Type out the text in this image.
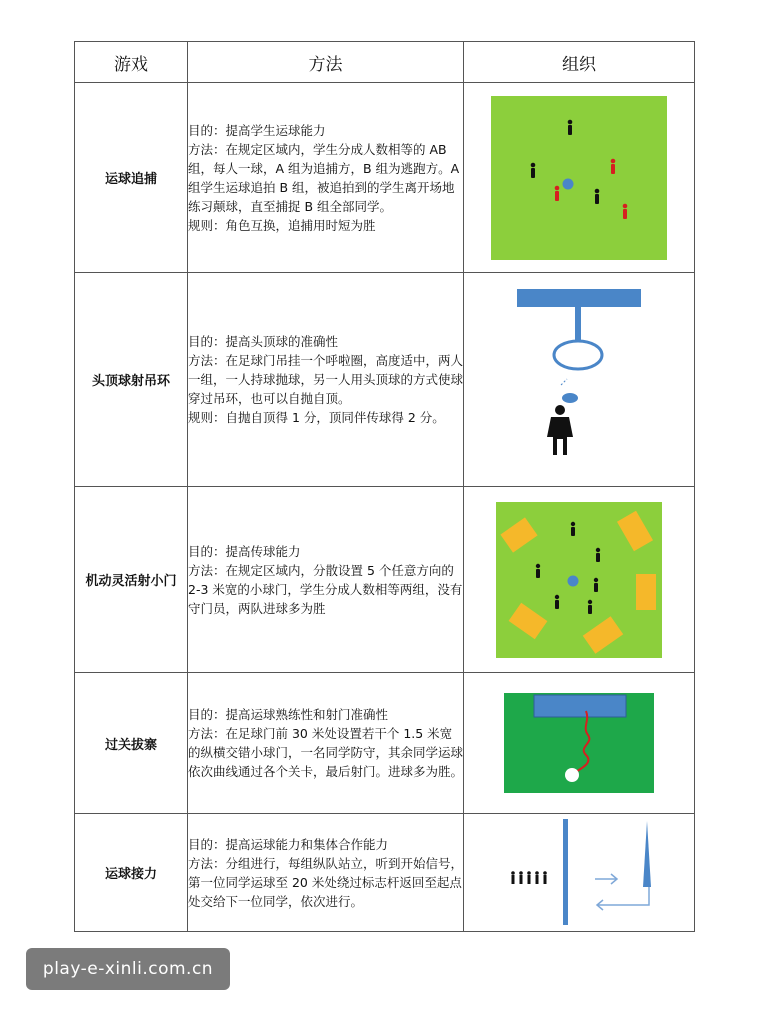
游戏	方法	组织
运球追捕	目的：提高学生运球能力
方法：在规定区域内，学生分成人数相等的 AB 组，每人一球，A 组为追捕方，B 组为逃跑方。A 组学生运球追拍 B 组，被追拍到的学生离开场地练习颠球，直至捕捉 B 组全部同学。
规则：角色互换，追捕用时短为胜

头顶球射吊环	目的：提高头顶球的准确性
方法：在足球门吊挂一个呼啦圈，高度适中，两人一组，一人持球抛球，另一人用头顶球的方式使球穿过吊环，也可以自抛自顶。
规则：自抛自顶得 1 分，顶同伴传球得 2 分。

机动灵活射小门	目的：提高传球能力
方法：在规定区域内，分散设置 5 个任意方向的 2-3 米宽的小球门，学生分成人数相等两组，没有守门员，两队进球多为胜

过关拔寨	目的：提高运球熟练性和射门准确性
方法：在足球门前 30 米处设置若干个 1.5 米宽的纵横交错小球门，一名同学防守，其余同学运球依次曲线通过各个关卡，最后射门。进球多为胜。

运球接力	目的：提高运球能力和集体合作能力
方法：分组进行，每组纵队站立，听到开始信号，第一位同学运球至 20 米处绕过标志杆返回至起点处交给下一位同学，依次进行。

play-e-xinli.com.cn
